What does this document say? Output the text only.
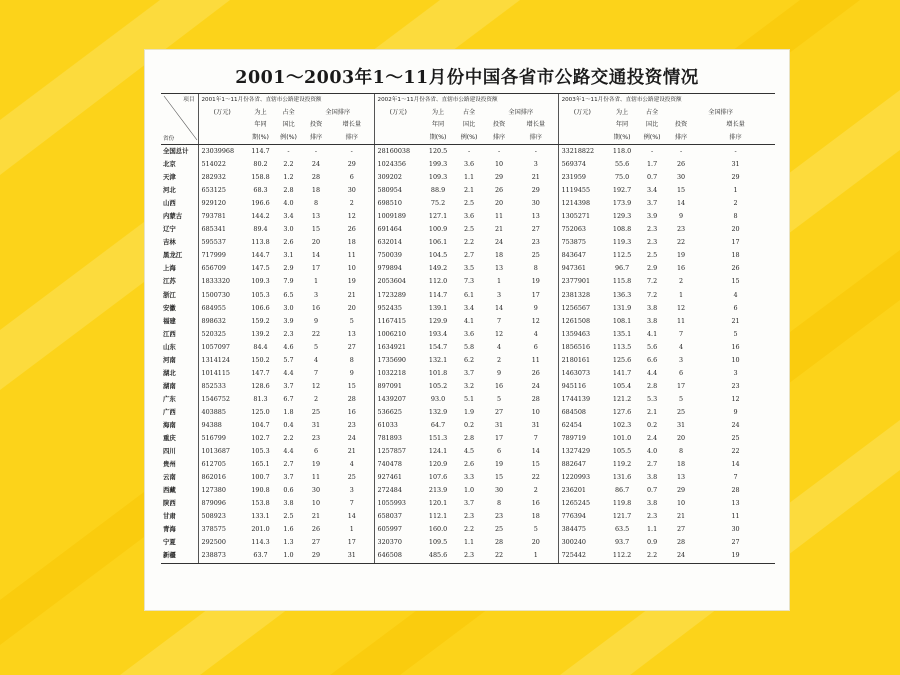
2001～2003年1～11月份中国各省市公路交通投资情况
项目
省份	2001年1～11月份各省、直辖市公路建设投资额					2002年1～11月份各省、直辖市公路建设投资额					2003年1～11月份各省、直辖市公路建设投资额				
	(万元)	为上	占全	全国排序		(万元)	为上	占全	全国排序		(万元)	为上	占全	全国排序	
		年同	国比	投资	增长量		年同	国比	投资	增长量		年同	国比	投资	增长量
		期(%)	例(%)	排序	排序		期(%)	例(%)	排序	排序		期(%)	例(%)	排序	排序
全国总计	23039968	114.7	-	-	-	28160038	120.5	-	-	-	33218822	118.0	-	-	-
北京	514022	80.2	2.2	24	29	1024356	199.3	3.6	10	3	569374	55.6	1.7	26	31
天津	282932	158.8	1.2	28	6	309202	109.3	1.1	29	21	231959	75.0	0.7	30	29
河北	653125	68.3	2.8	18	30	580954	88.9	2.1	26	29	1119455	192.7	3.4	15	1
山西	929120	196.6	4.0	8	2	698510	75.2	2.5	20	30	1214398	173.9	3.7	14	2
内蒙古	793781	144.2	3.4	13	12	1009189	127.1	3.6	11	13	1305271	129.3	3.9	9	8
辽宁	685341	89.4	3.0	15	26	691464	100.9	2.5	21	27	752063	108.8	2.3	23	20
吉林	595537	113.8	2.6	20	18	632014	106.1	2.2	24	23	753875	119.3	2.3	22	17
黑龙江	717999	144.7	3.1	14	11	750039	104.5	2.7	18	25	843647	112.5	2.5	19	18
上海	656709	147.5	2.9	17	10	979894	149.2	3.5	13	8	947361	96.7	2.9	16	26
江苏	1833320	109.3	7.9	1	19	2053604	112.0	7.3	1	19	2377901	115.8	7.2	2	15
浙江	1500730	105.3	6.5	3	21	1723289	114.7	6.1	3	17	2381328	136.3	7.2	1	4
安徽	684955	106.6	3.0	16	20	952435	139.1	3.4	14	9	1256567	131.9	3.8	12	6
福建	898632	159.2	3.9	9	5	1167415	129.9	4.1	7	12	1261508	108.1	3.8	11	21
江西	520325	139.2	2.3	22	13	1006210	193.4	3.6	12	4	1359463	135.1	4.1	7	5
山东	1057097	84.4	4.6	5	27	1634921	154.7	5.8	4	6	1856516	113.5	5.6	4	16
河南	1314124	150.2	5.7	4	8	1735690	132.1	6.2	2	11	2180161	125.6	6.6	3	10
湖北	1014115	147.7	4.4	7	9	1032218	101.8	3.7	9	26	1463073	141.7	4.4	6	3
湖南	852533	128.6	3.7	12	15	897091	105.2	3.2	16	24	945116	105.4	2.8	17	23
广东	1546752	81.3	6.7	2	28	1439207	93.0	5.1	5	28	1744139	121.2	5.3	5	12
广西	403885	125.0	1.8	25	16	536625	132.9	1.9	27	10	684508	127.6	2.1	25	9
海南	94388	104.7	0.4	31	23	61033	64.7	0.2	31	31	62454	102.3	0.2	31	24
重庆	516799	102.7	2.2	23	24	781893	151.3	2.8	17	7	789719	101.0	2.4	20	25
四川	1013687	105.3	4.4	6	21	1257857	124.1	4.5	6	14	1327429	105.5	4.0	8	22
贵州	612705	165.1	2.7	19	4	740478	120.9	2.6	19	15	882647	119.2	2.7	18	14
云南	862016	100.7	3.7	11	25	927461	107.6	3.3	15	22	1220993	131.6	3.8	13	7
西藏	127380	190.8	0.6	30	3	272484	213.9	1.0	30	2	236201	86.7	0.7	29	28
陕西	879096	153.8	3.8	10	7	1055993	120.1	3.7	8	16	1265245	119.8	3.8	10	13
甘肃	508923	133.1	2.5	21	14	658037	112.1	2.3	23	18	776394	121.7	2.3	21	11
青海	378575	201.0	1.6	26	1	605997	160.0	2.2	25	5	384475	63.5	1.1	27	30
宁夏	292500	114.3	1.3	27	17	320370	109.5	1.1	28	20	300240	93.7	0.9	28	27
新疆	238873	63.7	1.0	29	31	646508	485.6	2.3	22	1	725442	112.2	2.2	24	19
